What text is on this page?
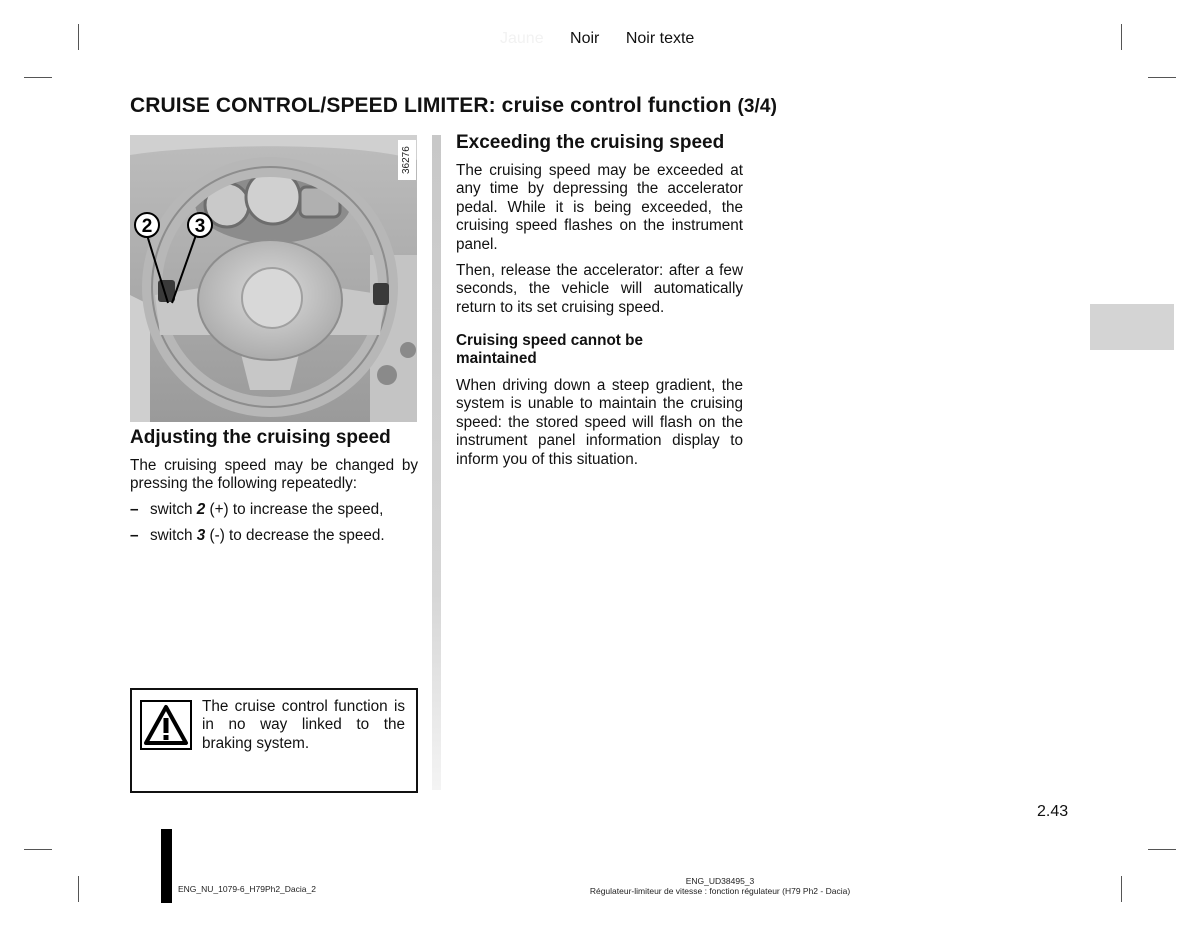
Jaune Noir Noir texte
CRUISE CONTROL/SPEED LIMITER: cruise control function (3/4)
2 3
36276
Adjusting the cruising speed
The cruising speed may be changed by pressing the following repeatedly:
– switch 2 (+) to increase the speed,
– switch 3 (-) to decrease the speed.
The cruise control function is in no way linked to the braking system.
Exceeding the cruising speed
The cruising speed may be exceeded at any time by depressing the accelerator pedal. While it is being exceeded, the cruising speed flashes on the instrument panel.
Then, release the accelerator: after a few seconds, the vehicle will automatically return to its set cruising speed.
Cruising speed cannot be maintained
When driving down a steep gradient, the system is unable to maintain the cruising speed: the stored speed will flash on the instrument panel information display to inform you of this situation.
2.43
ENG_NU_1079-6_H79Ph2_Dacia_2
ENG_UD38495_3
Régulateur-limiteur de vitesse : fonction régulateur (H79 Ph2 - Dacia)
